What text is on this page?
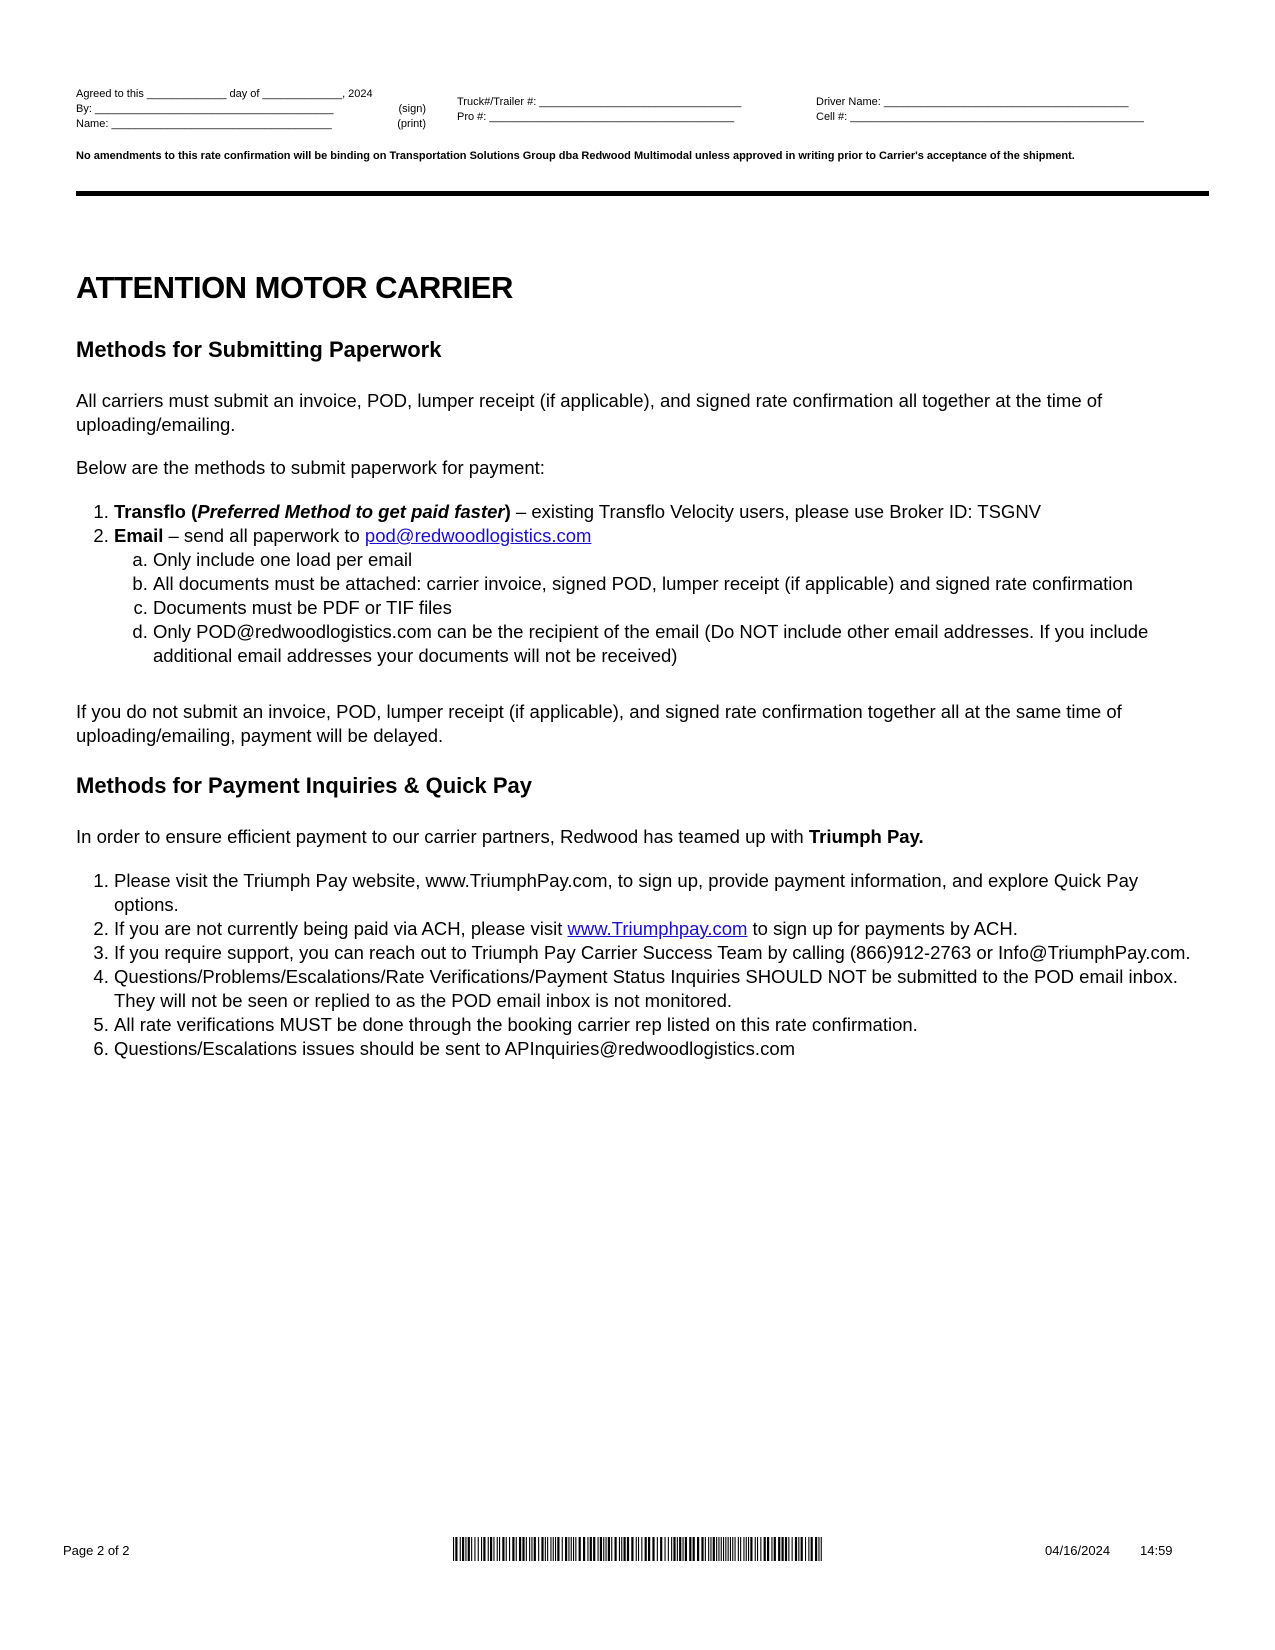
Agreed to this _____________ day of _____________, 2024
By: _______________________________________	(sign)
Name: ____________________________________	(print)
Truck#/Trailer #: _________________________________
Pro #: ________________________________________
Driver Name: ________________________________________
Cell #: ________________________________________________
No amendments to this rate confirmation will be binding on Transportation Solutions Group dba Redwood Multimodal unless approved in writing prior to Carrier's acceptance of the shipment.
ATTENTION MOTOR CARRIER
Methods for Submitting Paperwork

All carriers must submit an invoice, POD, lumper receipt (if applicable), and signed rate confirmation all together at the time of uploading/emailing.

Below are the methods to submit paperwork for payment:

1. Transflo (Preferred Method to get paid faster) – existing Transflo Velocity users, please use Broker ID: TSGNV
2. Email – send all paperwork to pod@redwoodlogistics.com
a. Only include one load per email
b. All documents must be attached: carrier invoice, signed POD, lumper receipt (if applicable) and signed rate confirmation
c. Documents must be PDF or TIF files
d. Only POD@redwoodlogistics.com can be the recipient of the email (Do NOT include other email addresses. If you include additional email addresses your documents will not be received)

If you do not submit an invoice, POD, lumper receipt (if applicable), and signed rate confirmation together all at the same time of uploading/emailing, payment will be delayed.

Methods for Payment Inquiries & Quick Pay

In order to ensure efficient payment to our carrier partners, Redwood has teamed up with Triumph Pay.

1. Please visit the Triumph Pay website, www.TriumphPay.com, to sign up, provide payment information, and explore Quick Pay options.
2. If you are not currently being paid via ACH, please visit www.Triumphpay.com to sign up for payments by ACH.
3. If you require support, you can reach out to Triumph Pay Carrier Success Team by calling (866)912-2763 or Info@TriumphPay.com.
4. Questions/Problems/Escalations/Rate Verifications/Payment Status Inquiries SHOULD NOT be submitted to the POD email inbox. They will not be seen or replied to as the POD email inbox is not monitored.
5. All rate verifications MUST be done through the booking carrier rep listed on this rate confirmation.
6. Questions/Escalations issues should be sent to APInquiries@redwoodlogistics.com
Page 2 of 2	04/16/2024 14:59
